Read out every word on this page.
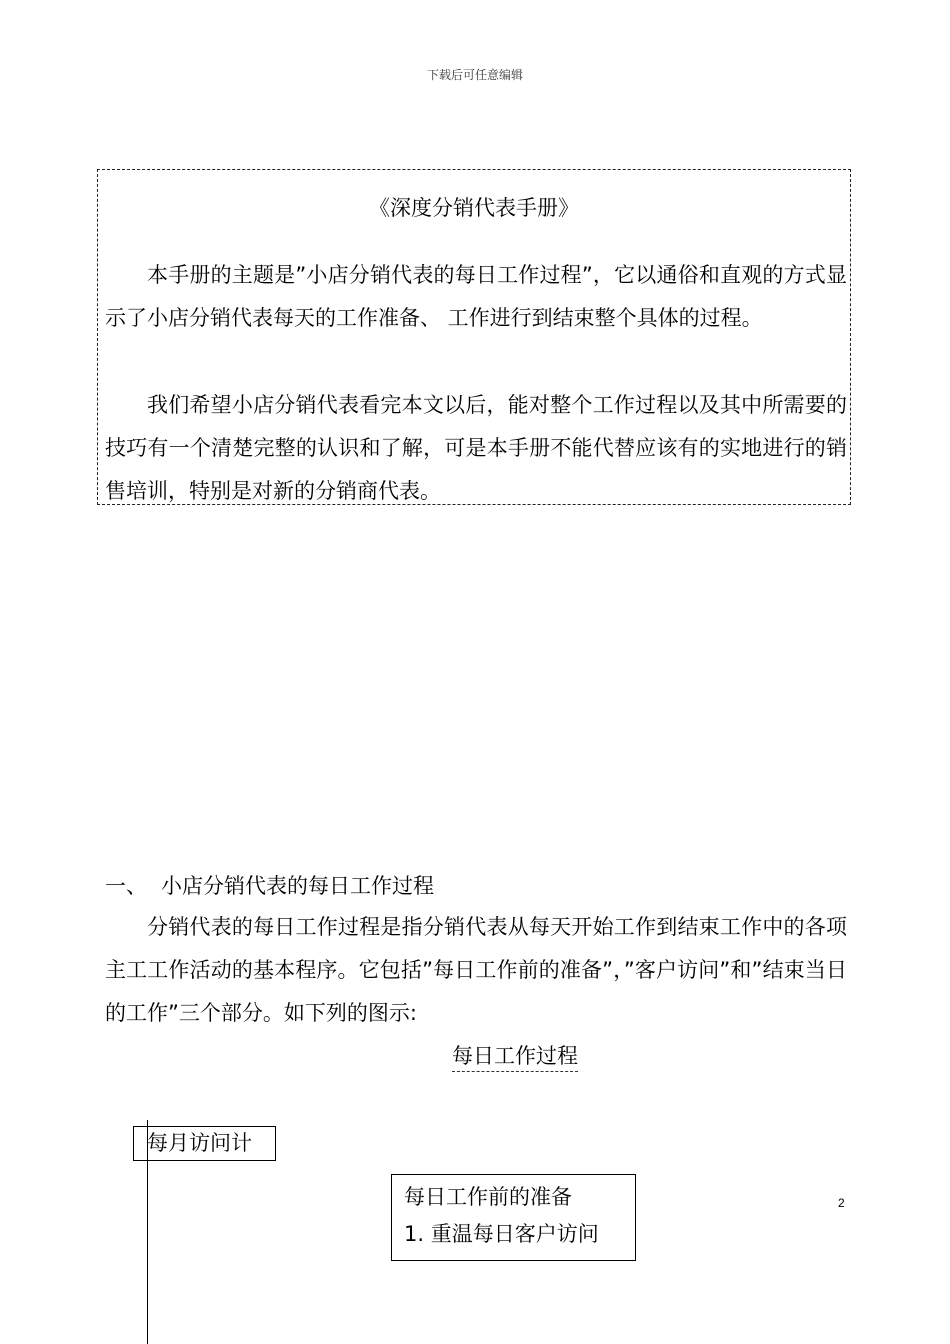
下载后可任意编辑
《深度分销代表手册》
本手册的主题是”小店分销代表的每日工作过程”，它以通俗和直观的方式显示了小店分销代表每天的工作准备、 工作进行到结束整个具体的过程。
我们希望小店分销代表看完本文以后，能对整个工作过程以及其中所需要的技巧有一个清楚完整的认识和了解，可是本手册不能代替应该有的实地进行的销售培训，特别是对新的分销商代表。
一、 小店分销代表的每日工作过程
分销代表的每日工作过程是指分销代表从每天开始工作到结束工作中的各项主工工作活动的基本程序。它包括”每日工作前的准备”，”客户访问”和”结束当日的工作”三个部分。如下列的图示:
每日工作过程
每月访问计
每日工作前的准备
1. 重温每日客户访问
2
